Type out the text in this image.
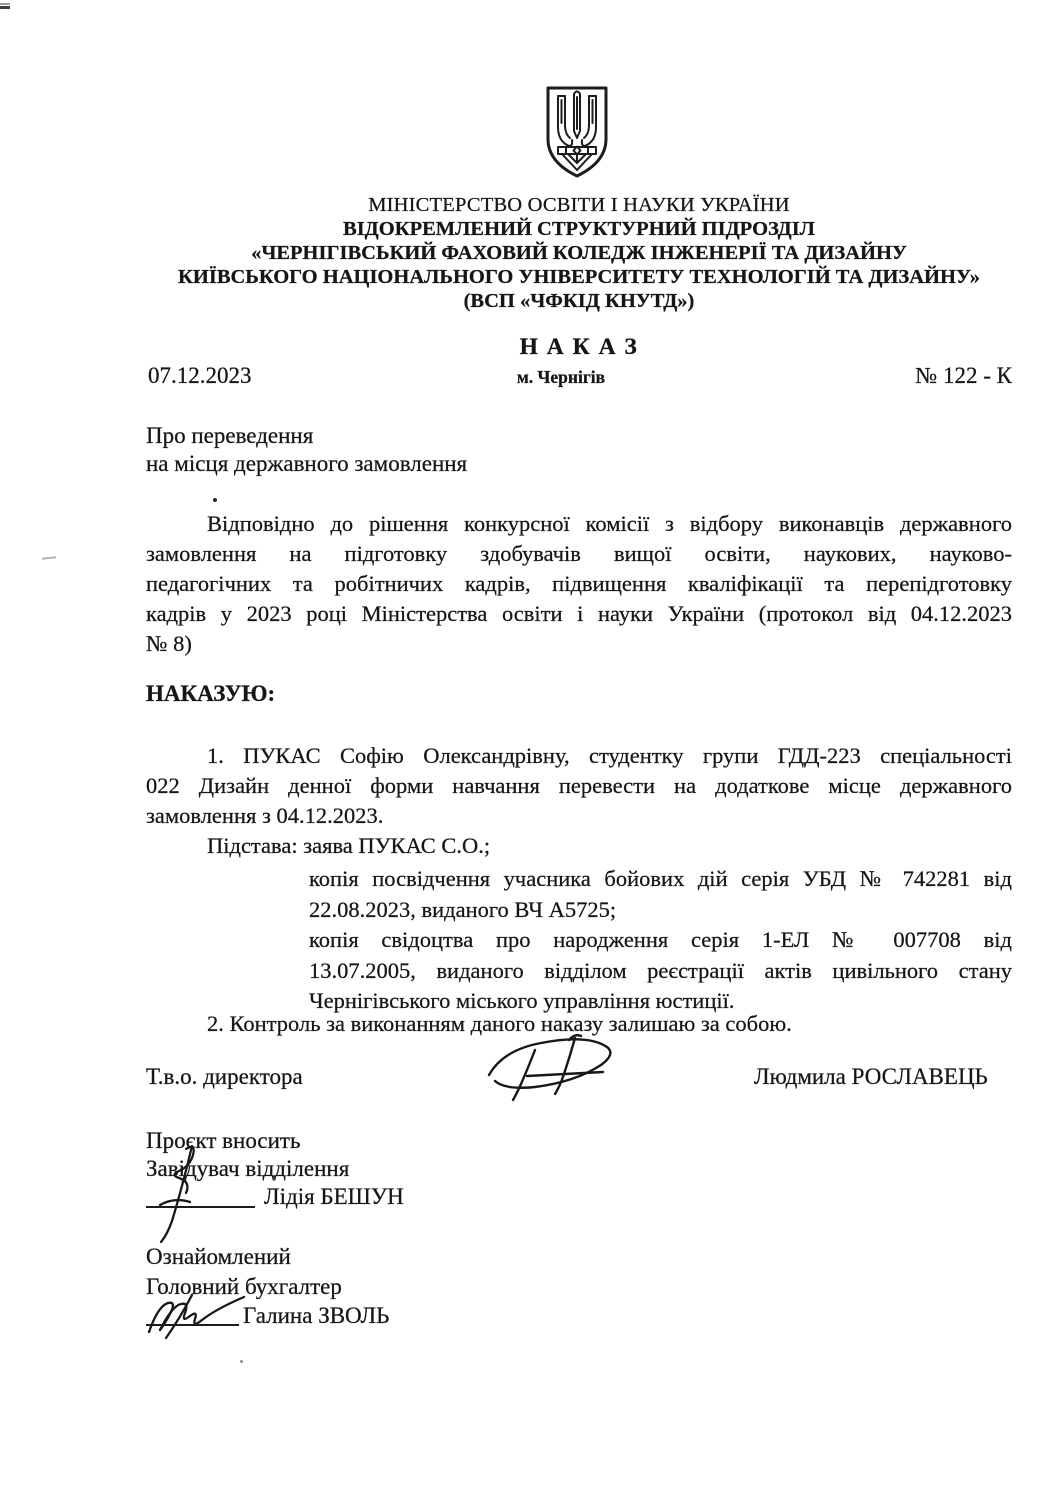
МІНІСТЕРСТВО ОСВІТИ І НАУКИ УКРАЇНИ
ВІДОКРЕМЛЕНИЙ СТРУКТУРНИЙ ПІДРОЗДІЛ
«ЧЕРНІГІВСЬКИЙ ФАХОВИЙ КОЛЕДЖ ІНЖЕНЕРІЇ ТА ДИЗАЙНУ
КИЇВСЬКОГО НАЦІОНАЛЬНОГО УНІВЕРСИТЕТУ ТЕХНОЛОГІЙ ТА ДИЗАЙНУ»
(ВСП «ЧФКІД КНУТД»)
Н А К А З
07.12.2023	м. Чернігів	№ 122 - К
Про переведення
на місця державного замовлення
Відповідно до рішення конкурсної комісії з відбору виконавців державного
замовлення на підготовку здобувачів вищої освіти, наукових, науково-
педагогічних та робітничих кадрів, підвищення кваліфікації та перепідготовку
кадрів у 2023 році Міністерства освіти і науки України (протокол від 04.12.2023
№ 8)
НАКАЗУЮ:
1. ПУКАС Софію Олександрівну, студентку групи ГДД-223 спеціальності
022 Дизайн денної форми навчання перевести на додаткове місце державного
замовлення з 04.12.2023.
Підстава: заява ПУКАС С.О.;
копія посвідчення учасника бойових дій серія УБД № 742281 від
22.08.2023, виданого ВЧ А5725;
копія свідоцтва про народження серія 1-ЕЛ № 007708 від
13.07.2005, виданого відділом реєстрації актів цивільного стану
Чернігівського міського управління юстиції.
2. Контроль за виконанням даного наказу залишаю за собою.
Т.в.о. директора	Людмила РОСЛАВЕЦЬ
Проєкт вносить
Завідувач відділення
Лідія БЕШУН
Ознайомлений
Головний бухгалтер
Галина ЗВОЛЬ
